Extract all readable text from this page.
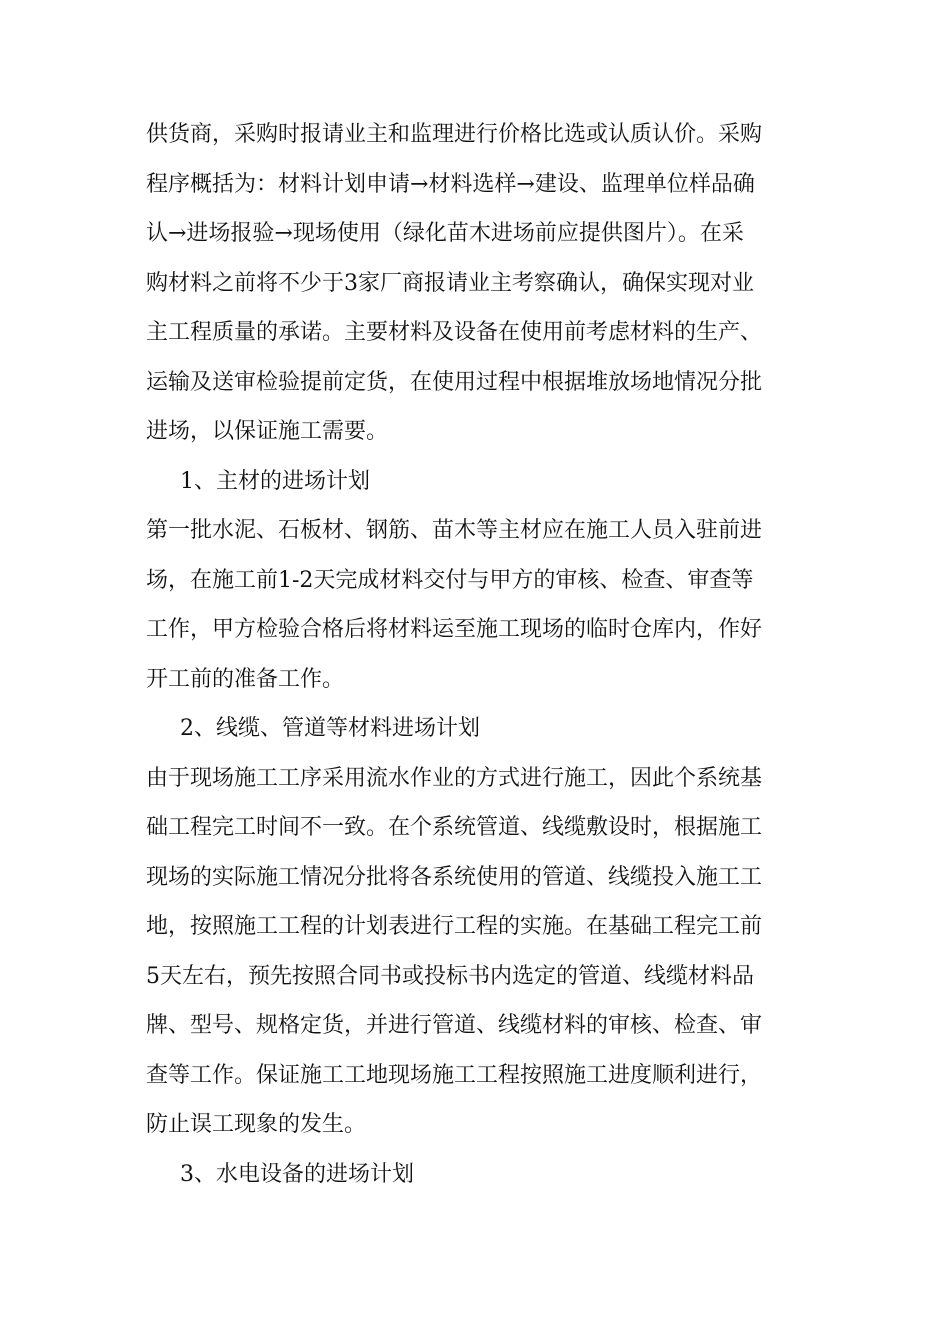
供货商，采购时报请业主和监理进行价格比选或认质认价。采购
程序概括为：材料计划申请→材料选样→建设、监理单位样品确
认→进场报验→现场使用（绿化苗木进场前应提供图片）。在采
购材料之前将不少于3家厂商报请业主考察确认，确保实现对业
主工程质量的承诺。主要材料及设备在使用前考虑材料的生产、
运输及送审检验提前定货，在使用过程中根据堆放场地情况分批
进场，以保证施工需要。
1、主材的进场计划
第一批水泥、石板材、钢筋、苗木等主材应在施工人员入驻前进
场，在施工前1-2天完成材料交付与甲方的审核、检查、审查等
工作，甲方检验合格后将材料运至施工现场的临时仓库内，作好
开工前的准备工作。
2、线缆、管道等材料进场计划
由于现场施工工序采用流水作业的方式进行施工，因此个系统基
础工程完工时间不一致。在个系统管道、线缆敷设时，根据施工
现场的实际施工情况分批将各系统使用的管道、线缆投入施工工
地，按照施工工程的计划表进行工程的实施。在基础工程完工前
5天左右，预先按照合同书或投标书内选定的管道、线缆材料品
牌、型号、规格定货，并进行管道、线缆材料的审核、检查、审
查等工作。保证施工工地现场施工工程按照施工进度顺利进行，
防止误工现象的发生。
3、水电设备的进场计划
